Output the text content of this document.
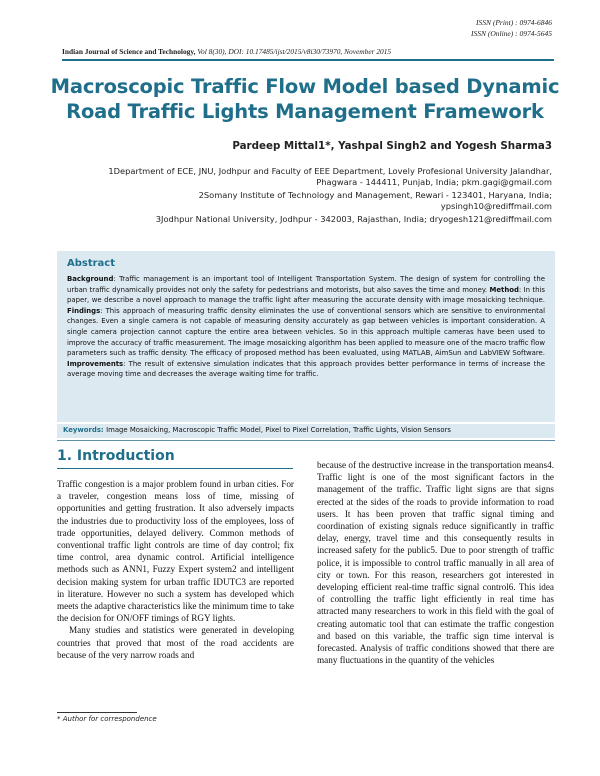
ISSN (Print) : 0974-6846
ISSN (Online) : 0974-5645
Indian Journal of Science and Technology, Vol 8(30), DOI: 10.17485/ijst/2015/v8i30/73970, November 2015
Macroscopic Traffic Flow Model based Dynamic Road Traffic Lights Management Framework
Pardeep Mittal1*, Yashpal Singh2 and Yogesh Sharma3

1Department of ECE, JNU, Jodhpur and Faculty of EEE Department, Lovely Profesional University Jalandhar, Phagwara - 144411, Punjab, India; pkm.gagi@gmail.com

2Somany Institute of Technology and Management, Rewari - 123401, Haryana, India; ypsingh10@rediffmail.com

3Jodhpur National University, Jodhpur - 342003, Rajasthan, India; dryogesh121@rediffmail.com

Abstract
Background: Traffic management is an important tool of Intelligent Transportation System. The design of system for controlling the urban traffic dynamically provides not only the safety for pedestrians and motorists, but also saves the time and money. Method: In this paper, we describe a novel approach to manage the traffic light after measuring the accurate density with image mosaicking technique. Findings: This approach of measuring traffic density eliminates the use of conventional sensors which are sensitive to environmental changes. Even a single camera is not capable of measuring density accurately as gap between vehicles is important consideration. A single camera projection cannot capture the entire area between vehicles. So in this approach multiple cameras have been used to improve the accuracy of traffic measurement. The image mosaicking algorithm has been applied to measure one of the macro traffic flow parameters such as traffic density. The efficacy of proposed method has been evaluated, using MATLAB, AimSun and LabVIEW Software. Improvements: The result of extensive simulation indicates that this approach provides better performance in terms of increase the average moving time and decreases the average waiting time for traffic.
Keywords: Image Mosaicking, Macroscopic Traffic Model, Pixel to Pixel Correlation, Traffic Lights, Vision Sensors
1. Introduction

Traffic congestion is a major problem found in urban cities. For a traveler, congestion means loss of time, missing of opportunities and getting frustration. It also adversely impacts the industries due to productivity loss of the employees, loss of trade opportunities, delayed delivery. Common methods of conventional traffic light controls are time of day control; fix time control, area dynamic control. Artificial intelligence methods such as ANN1, Fuzzy Expert system2 and intelligent decision making system for urban traffic IDUTC3 are reported in literature. However no such a system has developed which meets the adaptive characteristics like the minimum time to take the decision for ON/OFF timings of RGY lights.

Many studies and statistics were generated in developing countries that proved that most of the road accidents are because of the very narrow roads and

because of the destructive increase in the transportation means4. Traffic light is one of the most significant factors in the management of the traffic. Traffic light signs are that signs erected at the sides of the roads to provide information to road users. It has been proven that traffic signal timing and coordination of existing signals reduce significantly in traffic delay, energy, travel time and this consequently results in increased safety for the public5. Due to poor strength of traffic police, it is impossible to control traffic manually in all area of city or town. For this reason, researchers got interested in developing efficient real-time traffic signal control6. This idea of controlling the traffic light efficiently in real time has attracted many researchers to work in this field with the goal of creating automatic tool that can estimate the traffic congestion and based on this variable, the traffic sign time interval is forecasted. Analysis of traffic conditions showed that there are many fluctuations in the quantity of the vehicles

* Author for correspondence
